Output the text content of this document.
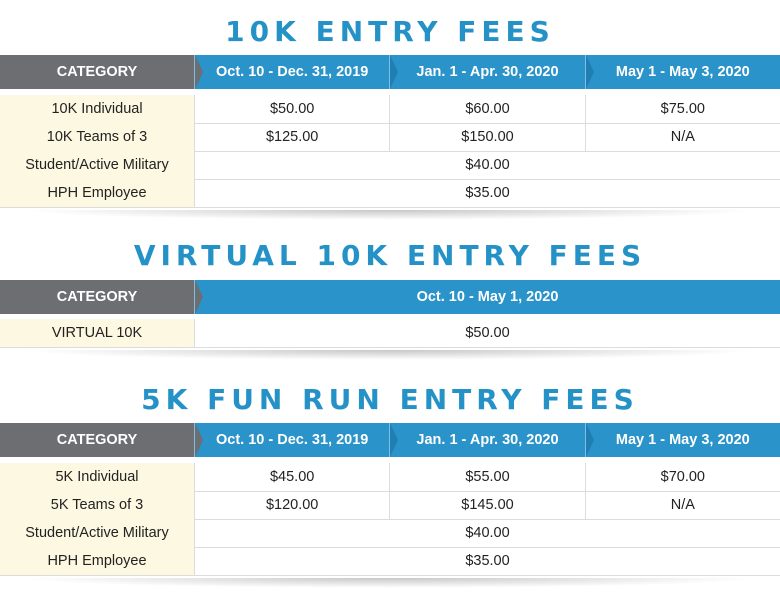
10K ENTRY FEES
CATEGORY	Oct. 10 - Dec. 31, 2019	Jan. 1 - Apr. 30, 2020	May 1 - May 3, 2020
10K Individual	$50.00	$60.00	$75.00
10K Teams of 3	$125.00	$150.00	N/A
Student/Active Military	$40.00
HPH Employee	$35.00
VIRTUAL 10K ENTRY FEES
CATEGORY	Oct. 10 - May 1, 2020
VIRTUAL 10K	$50.00
5K FUN RUN ENTRY FEES
CATEGORY	Oct. 10 - Dec. 31, 2019	Jan. 1 - Apr. 30, 2020	May 1 - May 3, 2020
5K Individual	$45.00	$55.00	$70.00
5K Teams of 3	$120.00	$145.00	N/A
Student/Active Military	$40.00
HPH Employee	$35.00
